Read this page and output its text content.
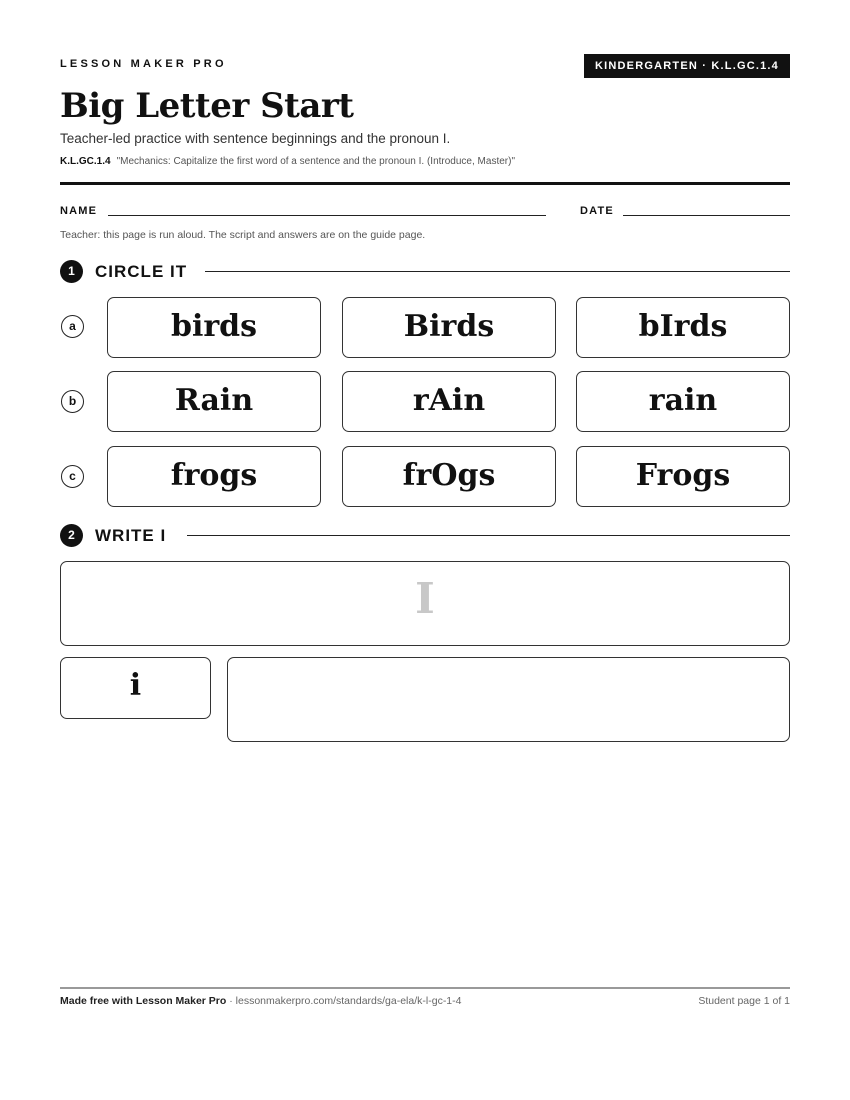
LESSON MAKER PRO	KINDERGARTEN · K.L.GC.1.4
Big Letter Start
Teacher-led practice with sentence beginnings and the pronoun I.
K.L.GC.1.4 "Mechanics: Capitalize the first word of a sentence and the pronoun I. (Introduce, Master)"
NAME	DATE
Teacher: this page is run aloud. The script and answers are on the guide page.
1	CIRCLE IT
a	birds	Birds	bIrds
b	Rain	rAin	rain
c	frogs	frOgs	Frogs
2	WRITE I
I
i
Made free with Lesson Maker Pro · lessonmakerpro.com/standards/ga-ela/k-l-gc-1-4	Student page 1 of 1
